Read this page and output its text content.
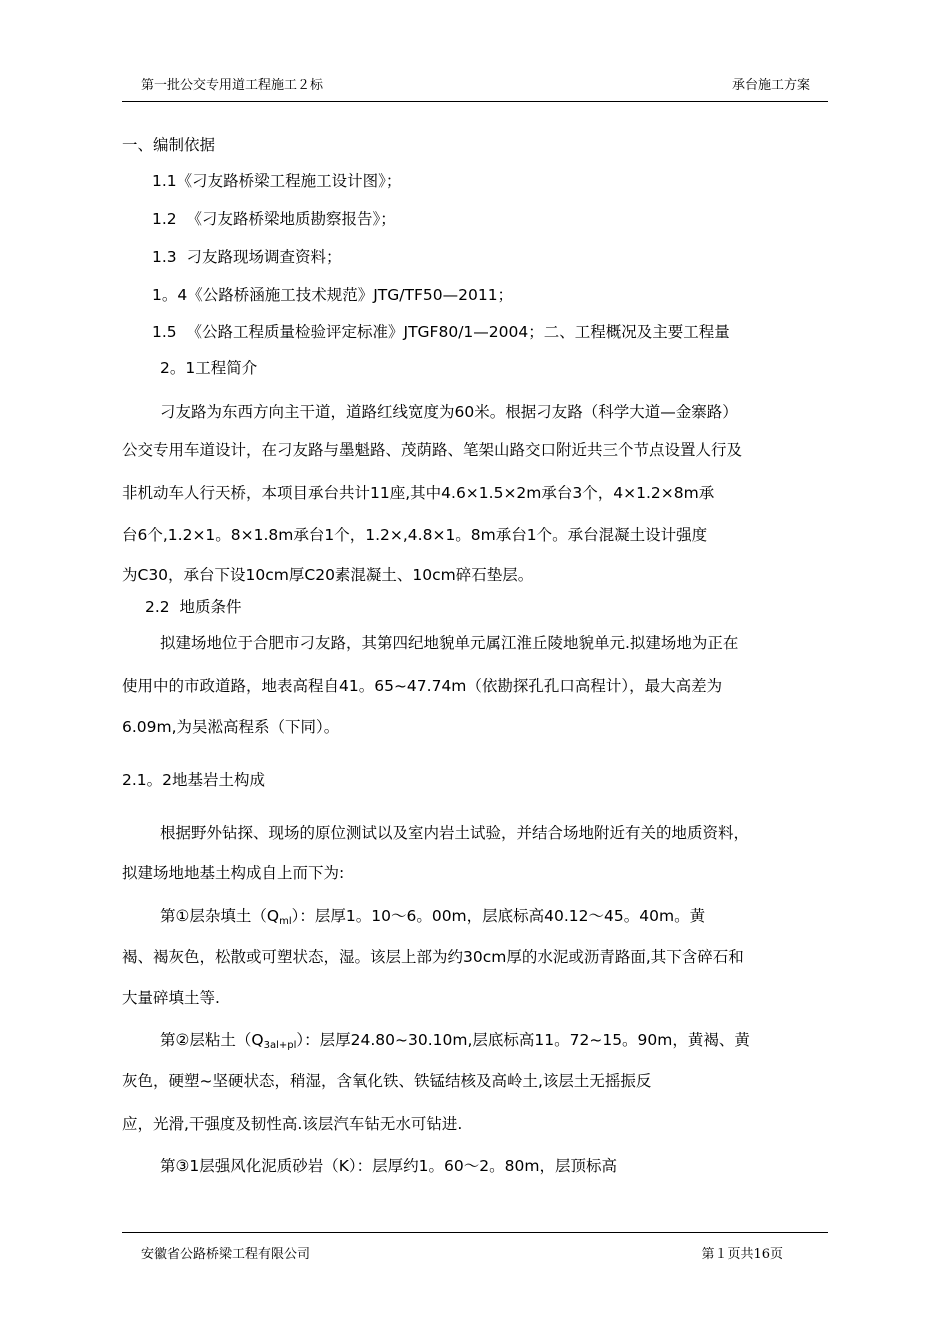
第一批公交专用道工程施工２标	承台施工方案
一、编制依据
1.1《刁友路桥梁工程施工设计图》；
1.2  《刁友路桥梁地质勘察报告》；
1.3  刁友路现场调查资料；
1。4《公路桥涵施工技术规范》JTG/TF50—2011；
1.5  《公路工程质量检验评定标准》JTGF80/1—2004；二、工程概况及主要工程量
2。1工程简介
刁友路为东西方向主干道，道路红线宽度为60米。根据刁友路（科学大道—金寨路）
公交专用车道设计，在刁友路与墨魁路、茂荫路、笔架山路交口附近共三个节点设置人行及
非机动车人行天桥，本项目承台共计11座,其中4.6×1.5×2m承台3个，4×1.2×8m承
台6个,1.2×1。8×1.8m承台1个，1.2×,4.8×1。8m承台1个。承台混凝土设计强度
为C30，承台下设10cm厚C20素混凝土、10cm碎石垫层。
2.2  地质条件
拟建场地位于合肥市刁友路，其第四纪地貌单元属江淮丘陵地貌单元.拟建场地为正在
使用中的市政道路，地表高程自41。65~47.74m（依勘探孔孔口高程计），最大高差为
6.09m,为吴淞高程系（下同）。
2.1。2地基岩土构成
根据野外钻探、现场的原位测试以及室内岩土试验，并结合场地附近有关的地质资料，
拟建场地地基土构成自上而下为:
第①层杂填土$(Q_{ml})$：层厚1。10～6。00m，层底标高40.12～45。40m。黄
褐、褐灰色，松散或可塑状态，湿。该层上部为约30cm厚的水泥或沥青路面,其下含碎石和
大量碎填土等.
第②层粘土$(Q_{3al+pl})$：层厚24.80~30.10m,层底标高11。72~15。90m，黄褐、黄
灰色，硬塑~坚硬状态，稍湿，含氧化铁、铁锰结核及高岭土,该层土无摇振反
应，光滑,干强度及韧性高.该层汽车钻无水可钻进.
第③1层强风化泥质砂岩（K）：层厚约1。60～2。80m，层顶标高
安徽省公路桥梁工程有限公司	第１页共16页
